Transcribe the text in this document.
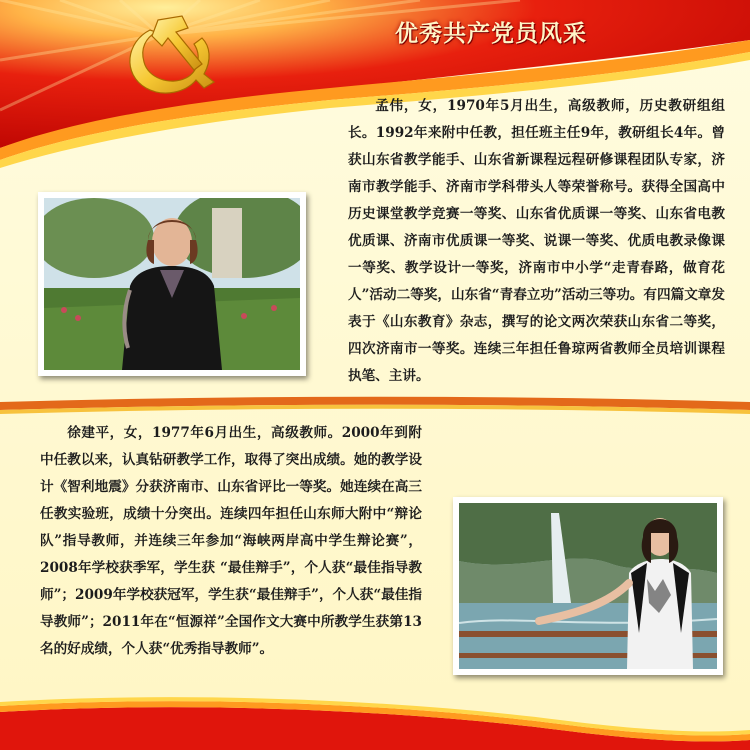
优秀共产党员风采
孟伟，女，1970年5月出生，高级教师，历史教研组组长。1992年来附中任教，担任班主任9年，教研组长4年。曾获山东省教学能手、山东省新课程远程研修课程团队专家，济南市教学能手、济南市学科带头人等荣誉称号。获得全国高中历史课堂教学竞赛一等奖、山东省优质课一等奖、山东省电教优质课、济南市优质课一等奖、说课一等奖、优质电教录像课一等奖、教学设计一等奖，济南市中小学“走青春路，做育花人”活动二等奖，山东省“青春立功”活动三等功。有四篇文章发表于《山东教育》杂志，撰写的论文两次荣获山东省二等奖，四次济南市一等奖。连续三年担任鲁琼两省教师全员培训课程执笔、主讲。
徐建平，女，1977年6月出生，高级教师。2000年到附中任教以来，认真钻研教学工作，取得了突出成绩。她的教学设计《智利地震》分获济南市、山东省评比一等奖。她连续在高三任教实验班，成绩十分突出。连续四年担任山东师大附中“辩论队”指导教师，并连续三年参加“海峡两岸高中学生辩论赛”，2008年学校获季军，学生获 “最佳辩手”，个人获“最佳指导教师”；2009年学校获冠军，学生获“最佳辩手”，个人获“最佳指导教师”；2011年在“恒源祥”全国作文大赛中所教学生获第13名的好成绩，个人获“优秀指导教师”。
